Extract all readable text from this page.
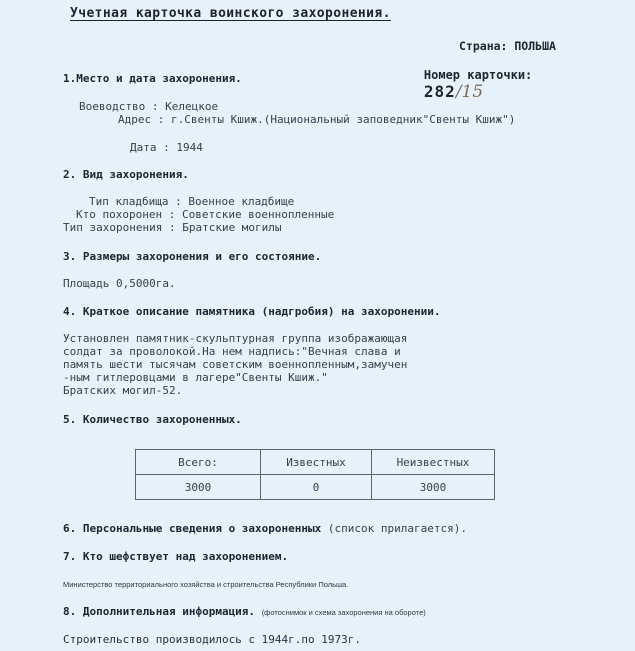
Учетная карточка воинского захоронения.
Страна: ПОЛЬША

Номер карточки:
282/15

1.Место и дата захоронения.
Воеводство : Келецкое
Адрес : г.Свенты Кшиж.(Национальный заповедник"Свенты Кшиж")
Дата : 1944
2. Вид захоронения.
Тип кладбища : Военное кладбище
Кто похоронен : Советские военнопленные
Тип захоронения : Братские могилы
3. Размеры захоронения и его состояние.
Площадь 0,5000га.
4. Краткое описание памятника (надгробия) на захоронении.
Установлен памятник-скульптурная группа изображающая
солдат за проволокой.На нем надпись:"Вечная слава и
память шести тысячам советским военнопленным,замучен
-ным гитлеровцами в лагере"Свенты Кшиж."
Братских могил-52.
5. Количество захороненных.
Всего:	Известных	Неизвестных
3000	0	3000
6. Персональные сведения о захороненных (список прилагается).
7. Кто шефствует над захоронением.
Министерство территориального хозяйства и строительства Республики Польша.
8. Дополнительная информация. (фотоснимок и схема захоронения на обороте)
Строительство производилось с 1944г.по 1973г.
